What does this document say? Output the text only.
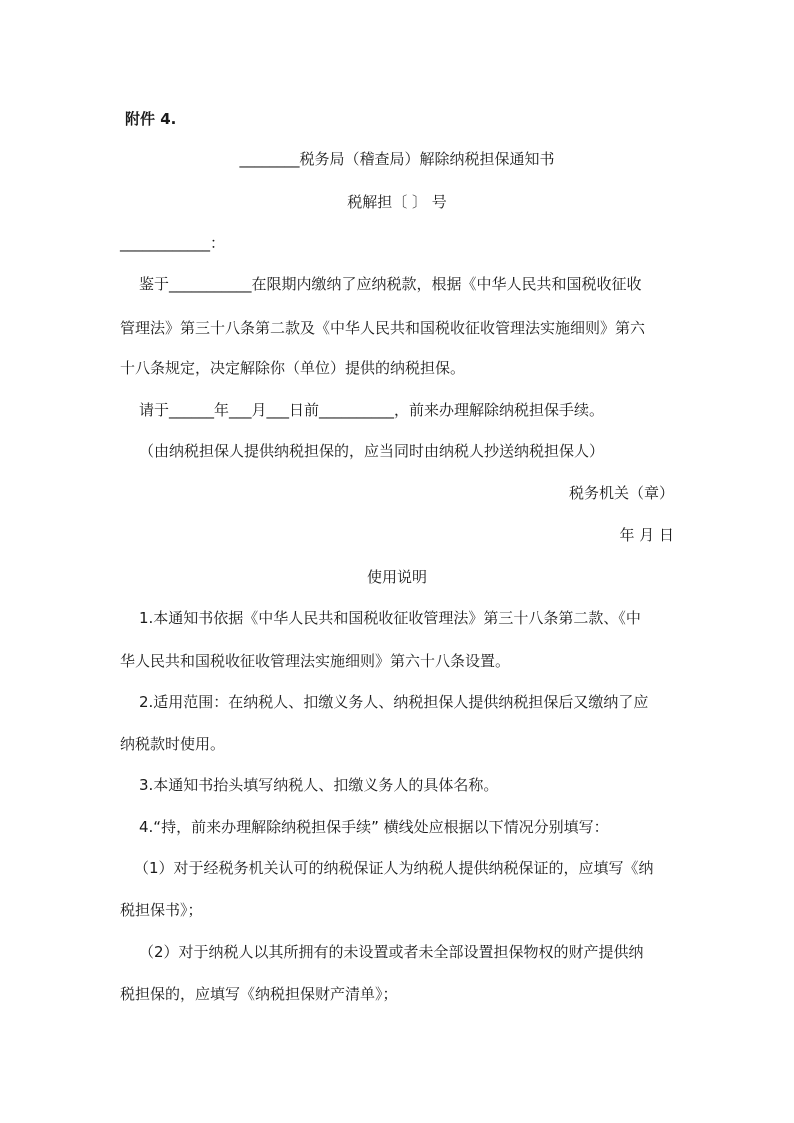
附件 4.
________税务局（稽查局）解除纳税担保通知书
税解担〔 〕 号
____________：
鉴于___________在限期内缴纳了应纳税款，根据《中华人民共和国税收征收
管理法》第三十八条第二款及《中华人民共和国税收征收管理法实施细则》第六
十八条规定，决定解除你（单位）提供的纳税担保。
请于______年___月___日前__________，前来办理解除纳税担保手续。
（由纳税担保人提供纳税担保的，应当同时由纳税人抄送纳税担保人）
税务机关（章）
年 月 日
使用说明
1.本通知书依据《中华人民共和国税收征收管理法》第三十八条第二款、《中
华人民共和国税收征收管理法实施细则》第六十八条设置。
2.适用范围：在纳税人、扣缴义务人、纳税担保人提供纳税担保后又缴纳了应
纳税款时使用。
3.本通知书抬头填写纳税人、扣缴义务人的具体名称。
4.“持，前来办理解除纳税担保手续” 横线处应根据以下情况分别填写：
（1）对于经税务机关认可的纳税保证人为纳税人提供纳税保证的，应填写《纳
税担保书》；
（2）对于纳税人以其所拥有的未设置或者未全部设置担保物权的财产提供纳
税担保的，应填写《纳税担保财产清单》；
